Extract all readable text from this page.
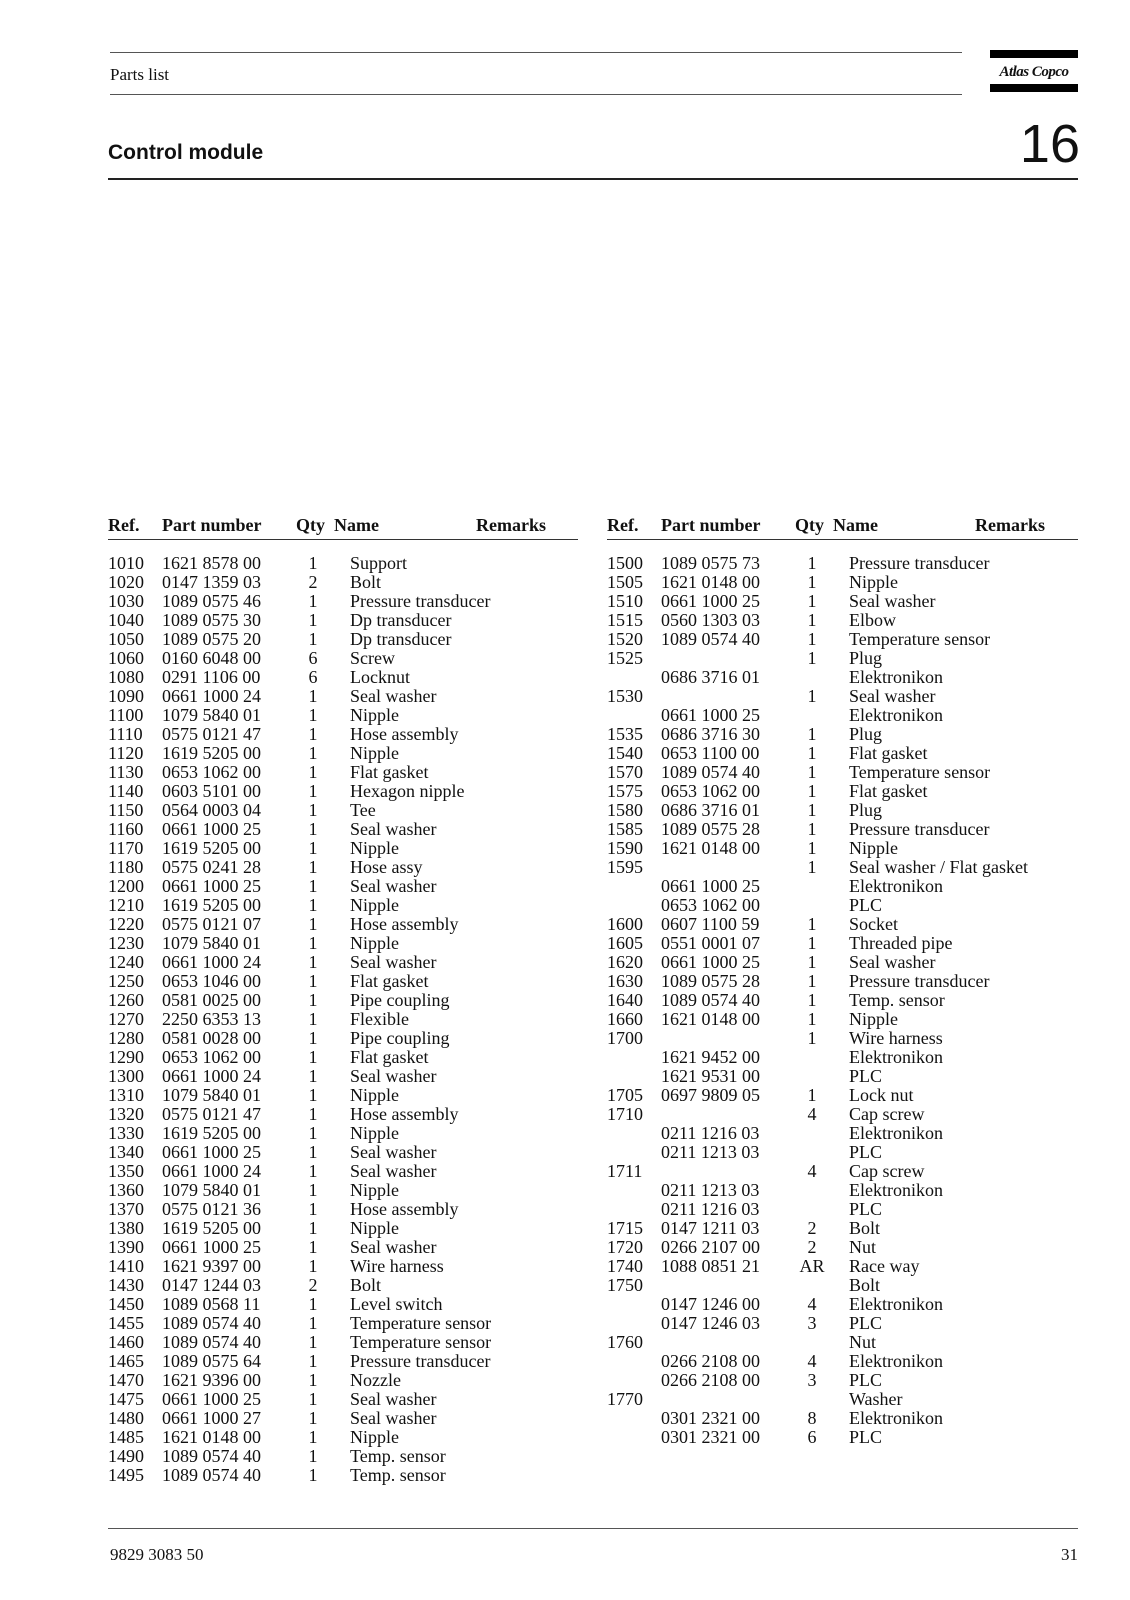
Parts list	Atlas Copco
Control module	16
Ref. Part number Qty Name	Remarks
1010 1621 8578 00	1	Support
1020 0147 1359 03	2	Bolt
1030 1089 0575 46	1	Pressure transducer
1040 1089 0575 30	1	Dp transducer
1050 1089 0575 20	1	Dp transducer
1060 0160 6048 00	6	Screw
1080 0291 1106 00	6	Locknut
1090 0661 1000 24	1	Seal washer
1100 1079 5840 01	1	Nipple
1110 0575 0121 47	1	Hose assembly
1120 1619 5205 00	1	Nipple
1130 0653 1062 00	1	Flat gasket
1140 0603 5101 00	1	Hexagon nipple
1150 0564 0003 04	1	Tee
1160 0661 1000 25	1	Seal washer
1170 1619 5205 00	1	Nipple
1180 0575 0241 28	1	Hose assy
1200 0661 1000 25	1	Seal washer
1210 1619 5205 00	1	Nipple
1220 0575 0121 07	1	Hose assembly
1230 1079 5840 01	1	Nipple
1240 0661 1000 24	1	Seal washer
1250 0653 1046 00	1	Flat gasket
1260 0581 0025 00	1	Pipe coupling
1270 2250 6353 13	1	Flexible
1280 0581 0028 00	1	Pipe coupling
1290 0653 1062 00	1	Flat gasket
1300 0661 1000 24	1	Seal washer
1310 1079 5840 01	1	Nipple
1320 0575 0121 47	1	Hose assembly
1330 1619 5205 00	1	Nipple
1340 0661 1000 25	1	Seal washer
1350 0661 1000 24	1	Seal washer
1360 1079 5840 01	1	Nipple
1370 0575 0121 36	1	Hose assembly
1380 1619 5205 00	1	Nipple
1390 0661 1000 25	1	Seal washer
1410 1621 9397 00	1	Wire harness
1430 0147 1244 03	2	Bolt
1450 1089 0568 11	1	Level switch
1455 1089 0574 40	1	Temperature sensor
1460 1089 0574 40	1	Temperature sensor
1465 1089 0575 64	1	Pressure transducer
1470 1621 9396 00	1	Nozzle
1475 0661 1000 25	1	Seal washer
1480 0661 1000 27	1	Seal washer
1485 1621 0148 00	1	Nipple
1490 1089 0574 40	1	Temp. sensor
1495 1089 0574 40	1	Temp. sensor
Ref. Part number Qty Name	Remarks
1500 1089 0575 73	1	Pressure transducer
1505 1621 0148 00	1	Nipple
1510 0661 1000 25	1	Seal washer
1515 0560 1303 03	1	Elbow
1520 1089 0574 40	1	Temperature sensor
1525	1	Plug
0686 3716 01	Elektronikon
1530	1	Seal washer
0661 1000 25	Elektronikon
1535 0686 3716 30	1	Plug
1540 0653 1100 00	1	Flat gasket
1570 1089 0574 40	1	Temperature sensor
1575 0653 1062 00	1	Flat gasket
1580 0686 3716 01	1	Plug
1585 1089 0575 28	1	Pressure transducer
1590 1621 0148 00	1	Nipple
1595	1	Seal washer / Flat gasket
0661 1000 25	Elektronikon
0653 1062 00	PLC
1600 0607 1100 59	1	Socket
1605 0551 0001 07	1	Threaded pipe
1620 0661 1000 25	1	Seal washer
1630 1089 0575 28	1	Pressure transducer
1640 1089 0574 40	1	Temp. sensor
1660 1621 0148 00	1	Nipple
1700	1	Wire harness
1621 9452 00	Elektronikon
1621 9531 00	PLC
1705 0697 9809 05	1	Lock nut
1710	4	Cap screw
0211 1216 03	Elektronikon
0211 1213 03	PLC
1711	4	Cap screw
0211 1213 03	Elektronikon
0211 1216 03	PLC
1715 0147 1211 03	2	Bolt
1720 0266 2107 00	2	Nut
1740 1088 0851 21 AR Race way
1750	Bolt
0147 1246 00	4	Elektronikon
0147 1246 03	3	PLC
1760	Nut
0266 2108 00	4	Elektronikon
0266 2108 00	3	PLC
1770	Washer
0301 2321 00	8	Elektronikon
0301 2321 00	6	PLC
9829 3083 50	31
